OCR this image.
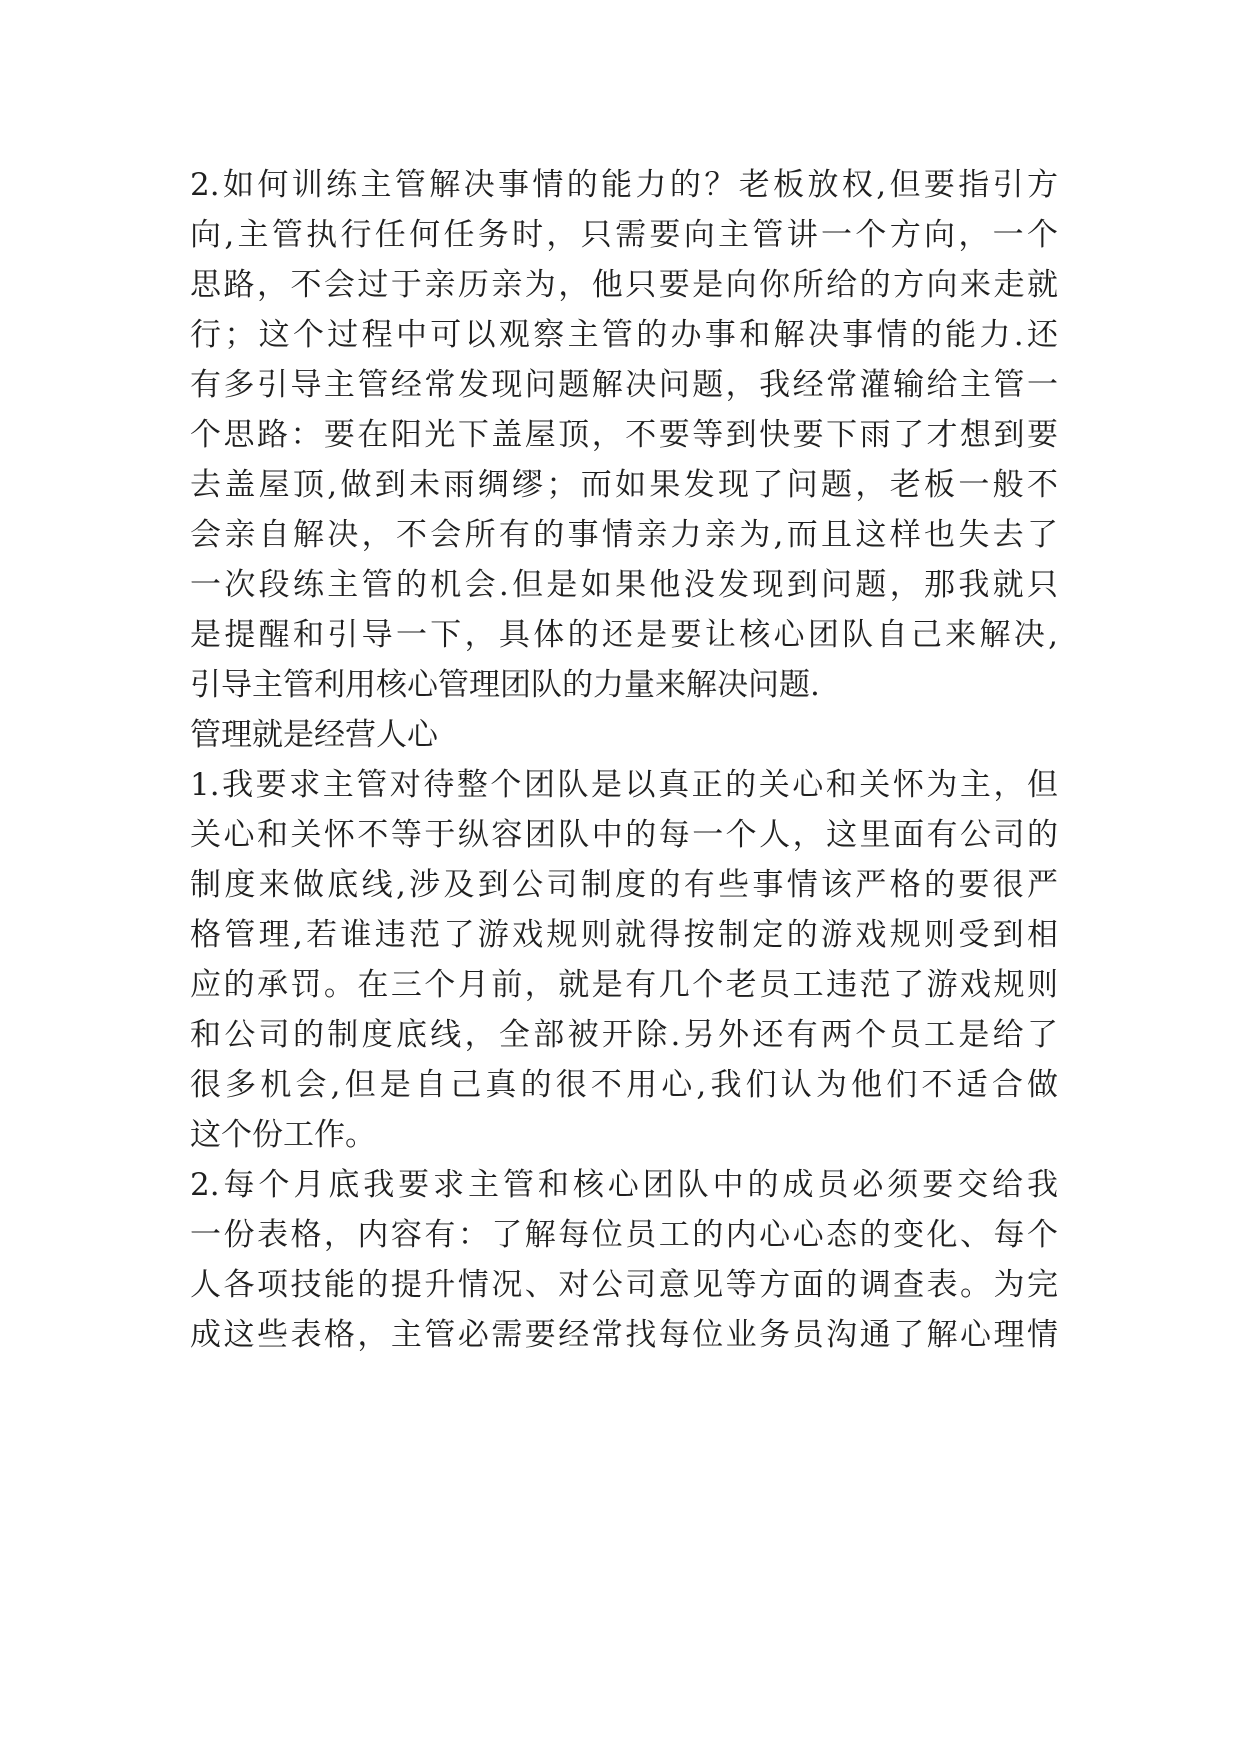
2.如何训练主管解决事情的能力的？老板放权,但要指引方
向,主管执行任何任务时，只需要向主管讲一个方向，一个
思路，不会过于亲历亲为，他只要是向你所给的方向来走就
行；这个过程中可以观察主管的办事和解决事情的能力.还
有多引导主管经常发现问题解决问题，我经常灌输给主管一
个思路：要在阳光下盖屋顶，不要等到快要下雨了才想到要
去盖屋顶,做到未雨绸缪；而如果发现了问题，老板一般不
会亲自解决，不会所有的事情亲力亲为,而且这样也失去了
一次段练主管的机会.但是如果他没发现到问题，那我就只
是提醒和引导一下，具体的还是要让核心团队自己来解决,
引导主管利用核心管理团队的力量来解决问题.
管理就是经营人心
1.我要求主管对待整个团队是以真正的关心和关怀为主，但
关心和关怀不等于纵容团队中的每一个人，这里面有公司的
制度来做底线,涉及到公司制度的有些事情该严格的要很严
格管理,若谁违范了游戏规则就得按制定的游戏规则受到相
应的承罚。在三个月前，就是有几个老员工违范了游戏规则
和公司的制度底线，全部被开除.另外还有两个员工是给了
很多机会,但是自己真的很不用心,我们认为他们不适合做
这个份工作。
2.每个月底我要求主管和核心团队中的成员必须要交给我
一份表格，内容有：了解每位员工的内心心态的变化、每个
人各项技能的提升情况、对公司意见等方面的调查表。为完
成这些表格，主管必需要经常找每位业务员沟通了解心理情
